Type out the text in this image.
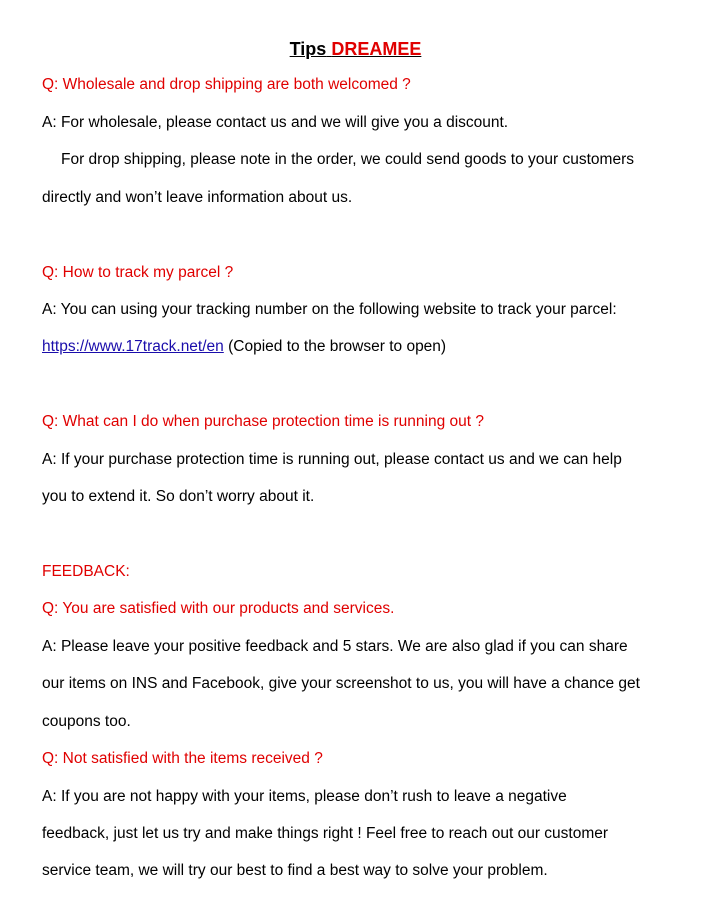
Tips DREAMEE
Q: Wholesale and drop shipping are both welcomed ?
A: For wholesale, please contact us and we will give you a discount.
For drop shipping, please note in the order, we could send goods to your customers
directly and won’t leave information about us.
Q: How to track my parcel ?
A: You can using your tracking number on the following website to track your parcel:
https://www.17track.net/en (Copied to the browser to open)
Q: What can I do when purchase protection time is running out ?
A: If your purchase protection time is running out, please contact us and we can help
you to extend it. So don’t worry about it.
FEEDBACK:
Q: You are satisfied with our products and services.
A: Please leave your positive feedback and 5 stars. We are also glad if you can share
our items on INS and Facebook, give your screenshot to us, you will have a chance get
coupons too.
Q: Not satisfied with the items received ?
A: If you are not happy with your items, please don’t rush to leave a negative
feedback, just let us try and make things right ! Feel free to reach out our customer
service team, we will try our best to find a best way to solve your problem.
